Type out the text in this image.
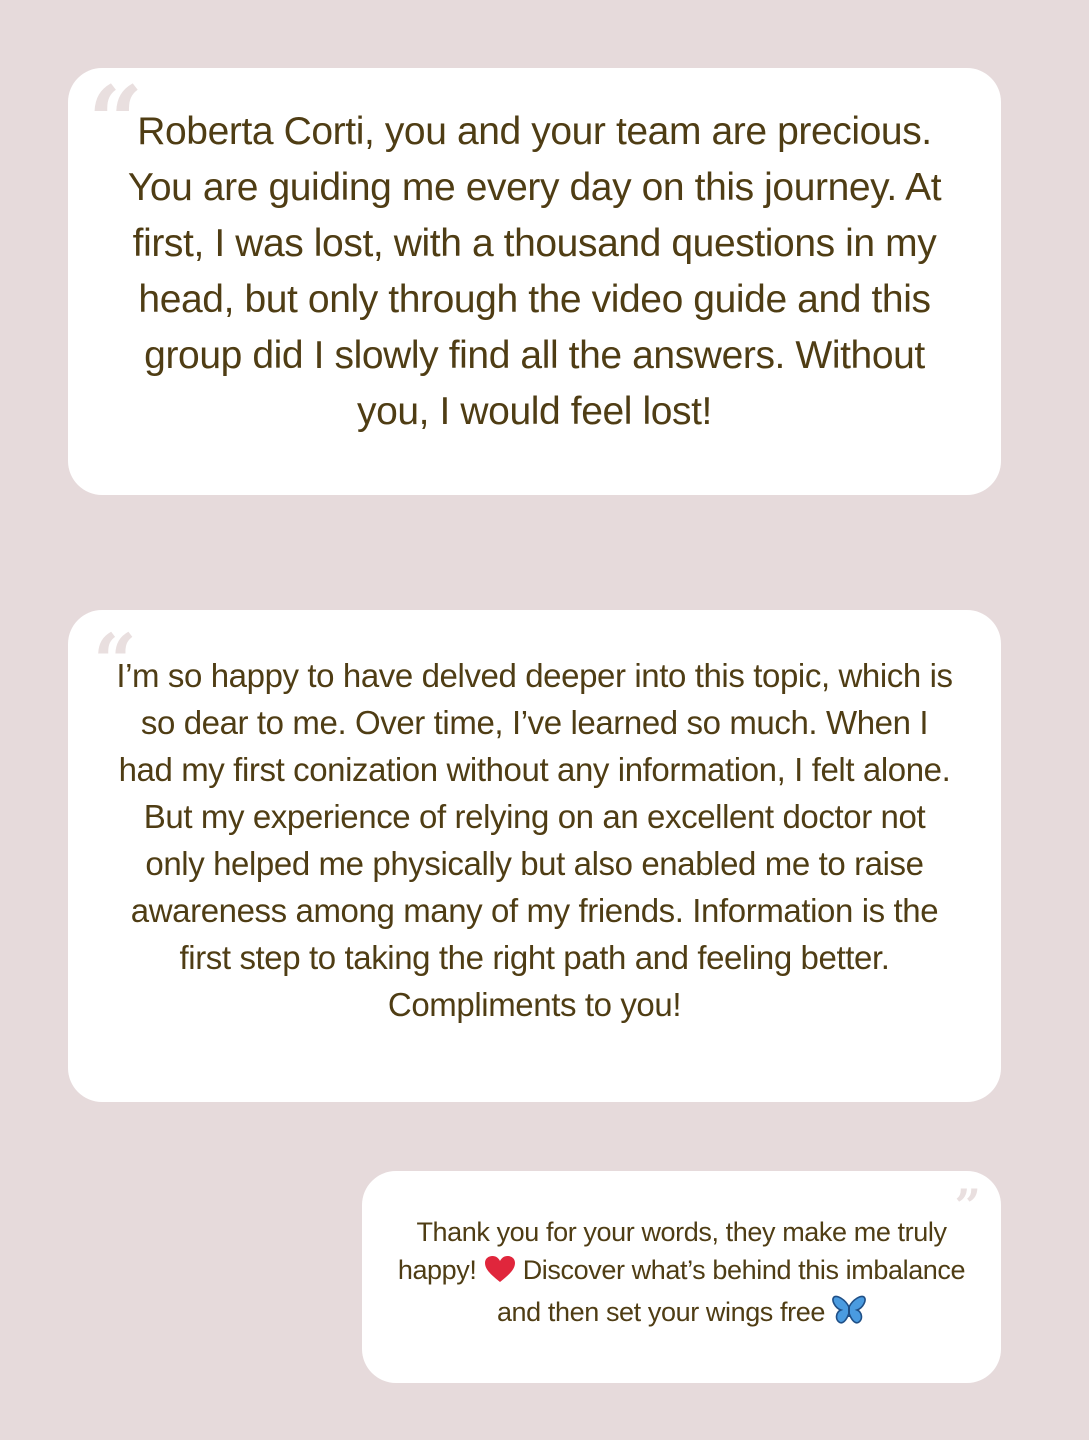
“

Roberta Corti, you and your team are precious. You are guiding me every day on this journey. At first, I was lost, with a thousand questions in my head, but only through the video guide and this group did I slowly find all the answers. Without you, I would feel lost!

“

I’m so happy to have delved deeper into this topic, which is so dear to me. Over time, I’ve learned so much. When I had my first conization without any information, I felt alone. But my experience of relying on an excellent doctor not only helped me physically but also enabled me to raise awareness among many of my friends. Information is the first step to taking the right path and feeling better. Compliments to you!

”

Thank you for your words, they make me truly happy!  Discover what’s behind this imbalance and then set your wings free
